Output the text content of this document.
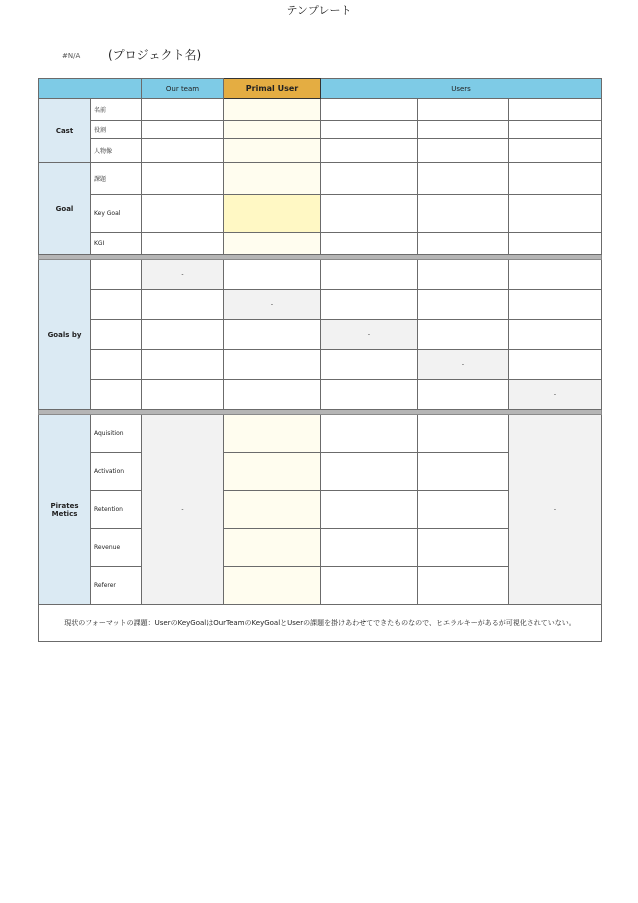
テンプレート
#N/A (プロジェクト名)
		Our team	Primal User	Users		
Cast	名前					
	役割					
	人物像					
Goal	課題					
	Key Goal					
	KGI					

Goals by		-				
			-			
				-		
					-	
						-

Pirates Metics	Aquisition	-				-
	Activation					
	Retention					
	Revenue					
	Referer					
現状のフォーマットの課題：UserのKeyGoalはOurTeamのKeyGoalとUserの課題を掛けあわせてできたものなので、ヒエラルキーがあるが可視化されていない。						
